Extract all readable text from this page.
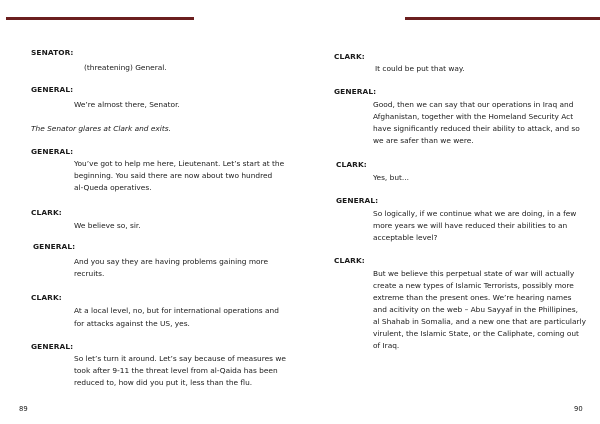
SENATOR:
(threatening) General.
GENERAL:
We’re almost there, Senator.
The Senator glares at Clark and exits.
GENERAL:
You’ve got to help me here, Lieutenant. Let’s start at the
beginning. You said there are now about two hundred
al-Queda operatives.
CLARK:
We believe so, sir.
GENERAL:
And you say they are having problems gaining more
recruits.
CLARK:
At a local level, no, but for international operations and
for attacks against the US, yes.
GENERAL:
So let’s turn it around. Let’s say because of measures we
took after 9-11 the threat level from al-Qaida has been
reduced to, how did you put it, less than the flu.
89
CLARK:
It could be put that way.
GENERAL:
Good, then we can say that our operations in Iraq and
Afghanistan, together with the Homeland Security Act
have significantly reduced their ability to attack, and so
we are safer than we were.
CLARK:
Yes, but...
GENERAL:
So logically, if we continue what we are doing, in a few
more years we will have reduced their abilities to an
acceptable level?
CLARK:
But we believe this perpetual state of war will actually
create a new types of Islamic Terrorists, possibly more
extreme than the present ones. We’re hearing names
and acitivity on the web – Abu Sayyaf in the Phillipines,
al Shahab in Somalia, and a new one that are particularly
virulent, the Islamic State, or the Caliphate, coming out
of Iraq.
90
